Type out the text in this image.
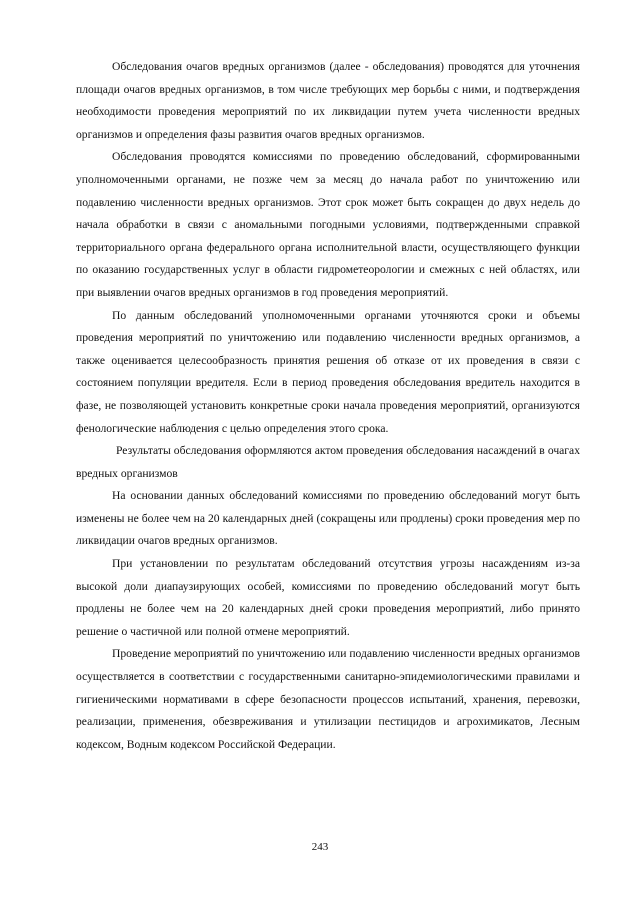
Обследования очагов вредных организмов (далее - обследования) проводятся для уточнения площади очагов вредных организмов, в том числе требующих мер борьбы с ними, и подтверждения необходимости проведения мероприятий по их ликвидации путем учета численности вредных организмов и определения фазы развития очагов вредных организмов.

Обследования проводятся комиссиями по проведению обследований, сформированными уполномоченными органами, не позже чем за месяц до начала работ по уничтожению или подавлению численности вредных организмов. Этот срок может быть сокращен до двух недель до начала обработки в связи с аномальными погодными условиями, подтвержденными справкой территориального органа федерального органа исполнительной власти, осуществляющего функции по оказанию государственных услуг в области гидрометеорологии и смежных с ней областях, или при выявлении очагов вредных организмов в год проведения мероприятий.

По данным обследований уполномоченными органами уточняются сроки и объемы проведения мероприятий по уничтожению или подавлению численности вредных организмов, а также оценивается целесообразность принятия решения об отказе от их проведения в связи с состоянием популяции вредителя. Если в период проведения обследования вредитель находится в фазе, не позволяющей установить конкретные сроки начала проведения мероприятий, организуются фенологические наблюдения с целью определения этого срока.

Результаты обследования оформляются актом проведения обследования насаждений в очагах вредных организмов

На основании данных обследований комиссиями по проведению обследований могут быть изменены не более чем на 20 календарных дней (сокращены или продлены) сроки проведения мер по ликвидации очагов вредных организмов.

При установлении по результатам обследований отсутствия угрозы насаждениям из-за высокой доли диапаузирующих особей, комиссиями по проведению обследований могут быть продлены не более чем на 20 календарных дней сроки проведения мероприятий, либо принято решение о частичной или полной отмене мероприятий.

Проведение мероприятий по уничтожению или подавлению численности вредных организмов осуществляется в соответствии с государственными санитарно-эпидемиологическими правилами и гигиеническими нормативами в сфере безопасности процессов испытаний, хранения, перевозки, реализации, применения, обезвреживания и утилизации пестицидов и агрохимикатов, Лесным кодексом, Водным кодексом Российской Федерации.

243
